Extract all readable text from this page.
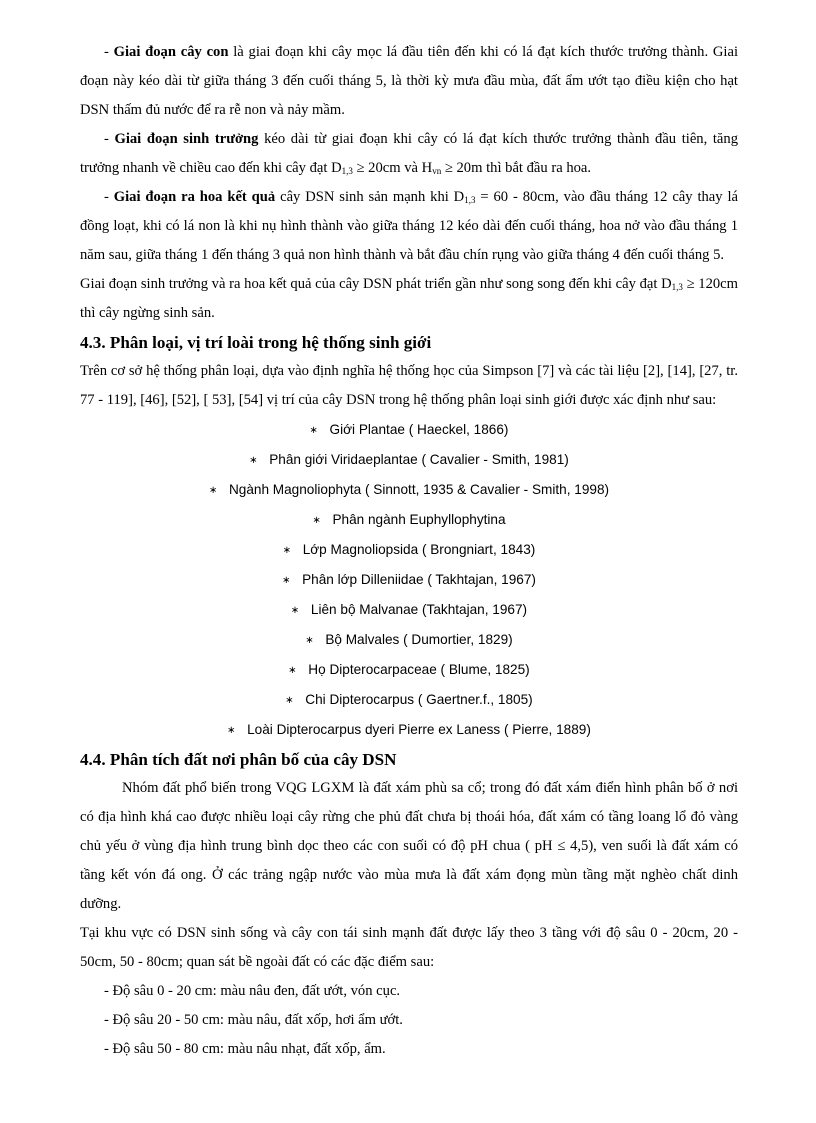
- Giai đoạn cây con là giai đoạn khi cây mọc lá đầu tiên đến khi có lá đạt kích thước trưởng thành. Giai đoạn này kéo dài từ giữa tháng 3 đến cuối tháng 5, là thời kỳ mưa đầu mùa, đất ẩm ướt tạo điều kiện cho hạt DSN thấm đủ nước để ra rễ non và nảy mầm.

- Giai đoạn sinh trưởng kéo dài từ giai đoạn khi cây có lá đạt kích thước trưởng thành đầu tiên, tăng trưởng nhanh về chiều cao đến khi cây đạt $D_{1,3} \ge 20cm$ và $H_{vn} \ge 20m$ thì bắt đầu ra hoa.

- Giai đoạn ra hoa kết quả cây DSN sinh sản mạnh khi $D_{1,3} = 60 - 80cm$, vào đầu tháng 12 cây thay lá đồng loạt, khi có lá non là khi nụ hình thành vào giữa tháng 12 kéo dài đến cuối tháng, hoa nở vào đầu tháng 1 năm sau, giữa tháng 1 đến tháng 3 quả non hình thành và bắt đầu chín rụng vào giữa tháng 4 đến cuối tháng 5.

Giai đoạn sinh trưởng và ra hoa kết quả của cây DSN phát triển gần như song song đến khi cây đạt $D_{1,3} \ge 120cm$ thì cây ngừng sinh sản.

4.3. Phân loại, vị trí loài trong hệ thống sinh giới

Trên cơ sở hệ thống phân loại, dựa vào định nghĩa hệ thống học của Simpson [7] và các tài liệu [2], [14], [27, tr. 77 - 119], [46], [52], [ 53], [54] vị trí của cây DSN trong hệ thống phân loại sinh giới được xác định như sau:

∗ Giới Plantae ( Haeckel, 1866)

∗ Phân giới Viridaeplantae ( Cavalier - Smith, 1981)

∗ Ngành Magnoliophyta ( Sinnott, 1935 & Cavalier - Smith, 1998)

∗ Phân ngành Euphyllophytina

∗ Lớp Magnoliopsida ( Brongniart, 1843)

∗ Phân lớp Dilleniidae ( Takhtajan, 1967)

∗ Liên bộ Malvanae (Takhtajan, 1967)

∗ Bộ Malvales ( Dumortier, 1829)

∗ Họ Dipterocarpaceae ( Blume, 1825)

∗ Chi Dipterocarpus ( Gaertner.f., 1805)

∗ Loài Dipterocarpus dyeri Pierre ex Laness ( Pierre, 1889)

4.4. Phân tích đất nơi phân bố của cây DSN

Nhóm đất phổ biến trong VQG LGXM là đất xám phù sa cổ; trong đó đất xám điển hình phân bố ở nơi có địa hình khá cao được nhiều loại cây rừng che phủ đất chưa bị thoái hóa, đất xám có tầng loang lổ đỏ vàng chủ yếu ở vùng địa hình trung bình dọc theo các con suối có độ pH chua ( pH ≤ 4,5), ven suối là đất xám có tầng kết vón đá ong. Ở các trảng ngập nước vào mùa mưa là đất xám đọng mùn tầng mặt nghèo chất dinh dưỡng.

Tại khu vực có DSN sinh sống và cây con tái sinh mạnh đất được lấy theo 3 tầng với độ sâu 0 - 20cm, 20 - 50cm, 50 - 80cm; quan sát bề ngoài đất có các đặc điểm sau:

- Độ sâu 0 - 20 cm: màu nâu đen, đất ướt, vón cục.

- Độ sâu 20 - 50 cm: màu nâu, đất xốp, hơi ẩm ướt.

- Độ sâu 50 - 80 cm: màu nâu nhạt, đất xốp, ẩm.
